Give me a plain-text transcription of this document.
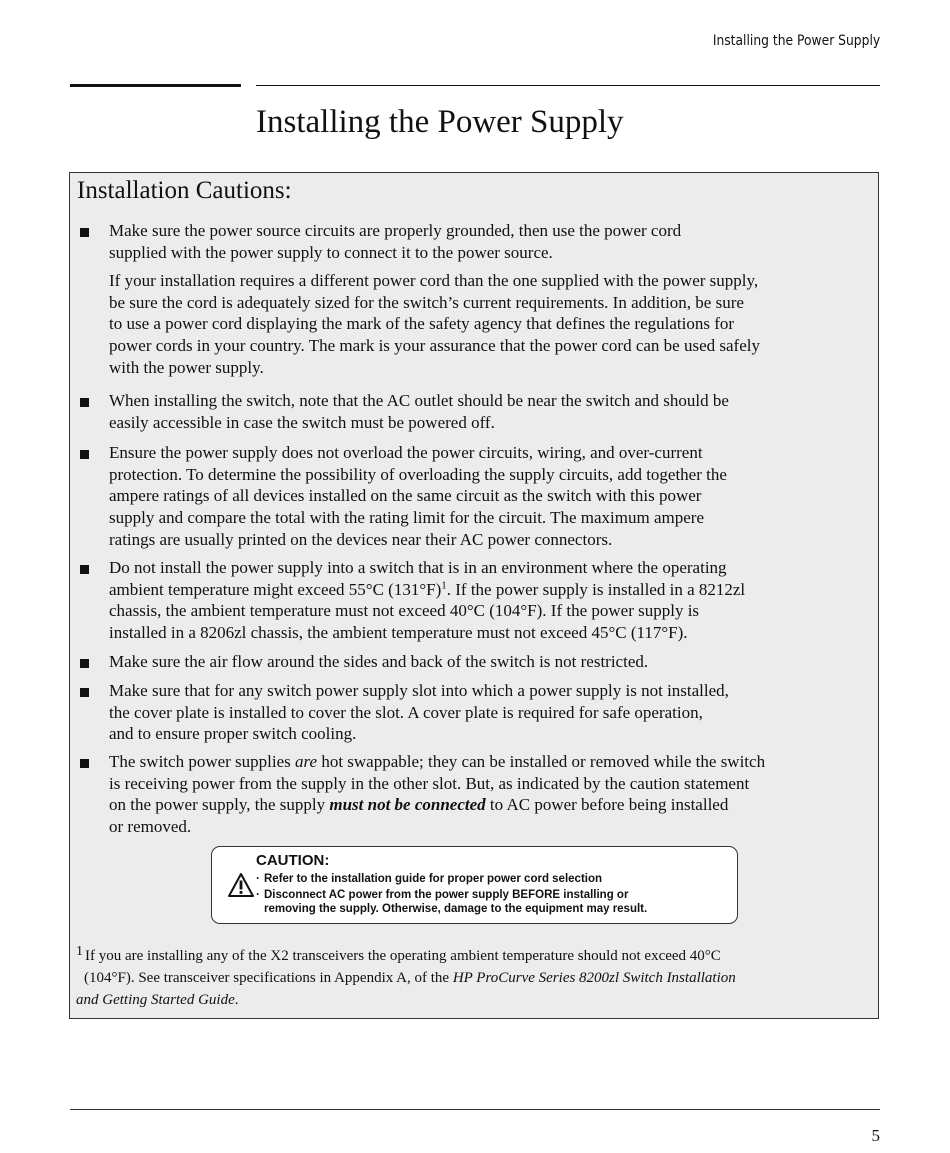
Installing the Power Supply
Installing the Power Supply
Installation Cautions:

Make sure the power source circuits are properly grounded, then use the power cord
supplied with the power supply to connect it to the power source.

If your installation requires a different power cord than the one supplied with the power supply,
be sure the cord is adequately sized for the switch’s current requirements. In addition, be sure
to use a power cord displaying the mark of the safety agency that defines the regulations for
power cords in your country. The mark is your assurance that the power cord can be used safely
with the power supply.

When installing the switch, note that the AC outlet should be near the switch and should be
easily accessible in case the switch must be powered off.

Ensure the power supply does not overload the power circuits, wiring, and over-current
protection. To determine the possibility of overloading the supply circuits, add together the
ampere ratings of all devices installed on the same circuit as the switch with this power
supply and compare the total with the rating limit for the circuit. The maximum ampere
ratings are usually printed on the devices near their AC power connectors.

Do not install the power supply into a switch that is in an environment where the operating
ambient temperature might exceed 55°C $(131^\circ F)^1$. If the power supply is installed in a 8212zl
chassis, the ambient temperature must not exceed 40°C (104°F). If the power supply is
installed in a 8206zl chassis, the ambient temperature must not exceed 45°C (117°F).

Make sure the air flow around the sides and back of the switch is not restricted.

Make sure that for any switch power supply slot into which a power supply is not installed,
the cover plate is installed to cover the slot. A cover plate is required for safe operation,
and to ensure proper switch cooling.

The switch power supplies are hot swappable; they can be installed or removed while the switch
is receiving power from the supply in the other slot. But, as indicated by the caution statement
on the power supply, the supply must not be connected to AC power before being installed
or removed.

CAUTION:

· Refer to the installation guide for proper power cord selection
· Disconnect AC power from the power supply BEFORE installing or
removing the supply. Otherwise, damage to the equipment may result.

1 If you are installing any of the X2 transceivers the operating ambient temperature should not exceed 40°C
(104°F). See transceiver specifications in Appendix A, of the HP ProCurve Series 8200zl Switch Installation
and Getting Started Guide.

5
